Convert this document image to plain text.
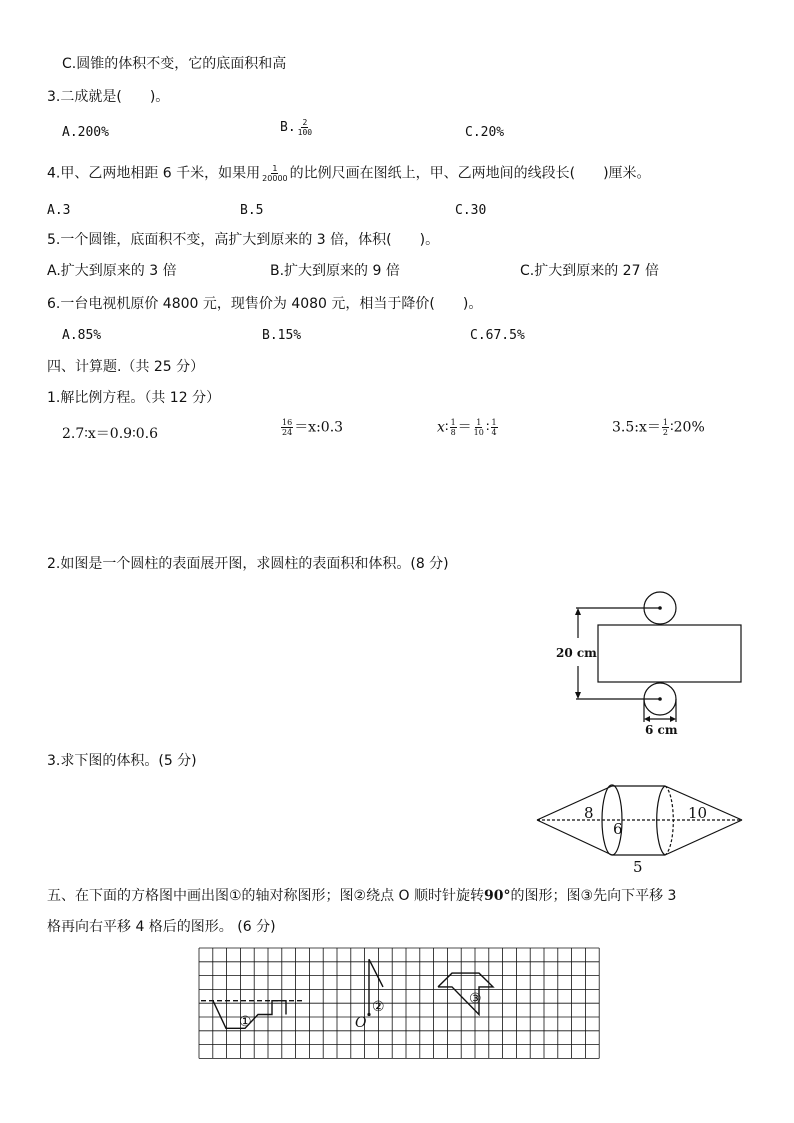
C.圆锥的体积不变，它的底面积和高
3.二成就是(　　)。
A.200%	B. $\frac{2}{100}$	C.20%
4.甲、乙两地相距 6 千米，如果用 $\frac{1}{20000}$ 的比例尺画在图纸上，甲、乙两地间的线段长(　　)厘米。
A.3	B.5	C.30
5.一个圆锥，底面积不变，高扩大到原来的 3 倍，体积(　　)。
A.扩大到原来的 3 倍	B.扩大到原来的 9 倍	C.扩大到原来的 27 倍
6.一台电视机原价 4800 元，现售价为 4080 元，相当于降价(　　)。
A.85%	B.15%	C.67.5%
四、计算题.（共 25 分）
1.解比例方程。（共 12 分）
2.7∶x＝0.9∶0.6	$\frac{16}{24}$ ＝x:0.3	x∶ $\frac{1}{8} = \frac{1}{10}$ ∶ $\frac{1}{4}$	3.5:x＝ $\frac{1}{2}$ ∶20%
2.如图是一个圆柱的表面展开图，求圆柱的表面积和体积。(8 分)
20 cm
6 cm
3.求下图的体积。(5 分)
8
6
10
5
五、在下面的方格图中画出图①的轴对称图形；图②绕点 O 顺时针旋转90°的图形；图③先向下平移 3
格再向右平移 4 格后的图形。 (6 分)
①
②	③
O
